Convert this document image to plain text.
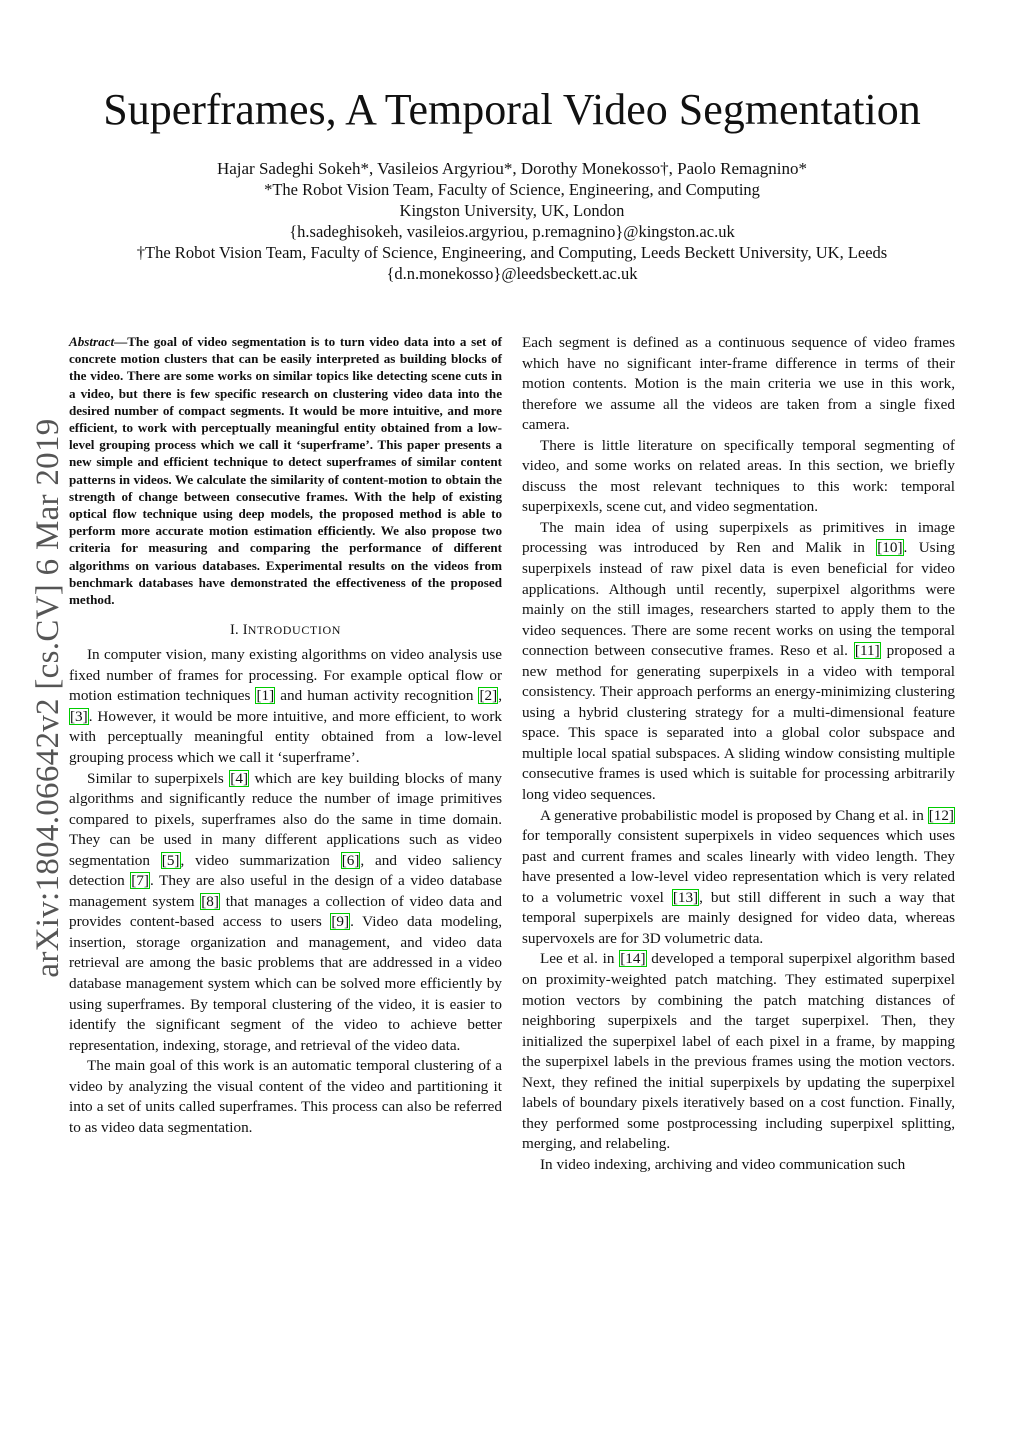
Superframes, A Temporal Video Segmentation
Hajar Sadeghi Sokeh*, Vasileios Argyriou*, Dorothy Monekosso†, Paolo Remagnino*
*The Robot Vision Team, Faculty of Science, Engineering, and Computing
Kingston University, UK, London
{h.sadeghisokeh, vasileios.argyriou, p.remagnino}@kingston.ac.uk
†The Robot Vision Team, Faculty of Science, Engineering, and Computing, Leeds Beckett University, UK, Leeds
{d.n.monekosso}@leedsbeckett.ac.uk
arXiv:1804.06642v2 [cs.CV] 6 Mar 2019

Abstract—The goal of video segmentation is to turn video data into a set of concrete motion clusters that can be easily interpreted as building blocks of the video. There are some works on similar topics like detecting scene cuts in a video, but there is few specific research on clustering video data into the desired number of compact segments. It would be more intuitive, and more efficient, to work with perceptually meaningful entity obtained from a low-level grouping process which we call it ‘superframe’. This paper presents a new simple and efficient technique to detect superframes of similar content patterns in videos. We calculate the similarity of content-motion to obtain the strength of change between consecutive frames. With the help of existing optical flow technique using deep models, the proposed method is able to perform more accurate motion estimation efficiently. We also propose two criteria for measuring and comparing the performance of different algorithms on various databases. Experimental results on the videos from benchmark databases have demonstrated the effectiveness of the proposed method.

I. INTRODUCTION

In computer vision, many existing algorithms on video analysis use fixed number of frames for processing. For example optical flow or motion estimation techniques [1] and human activity recognition [2], [3]. However, it would be more intuitive, and more efficient, to work with perceptually meaningful entity obtained from a low-level grouping process which we call it ‘superframe’.

Similar to superpixels [4] which are key building blocks of many algorithms and significantly reduce the number of image primitives compared to pixels, superframes also do the same in time domain. They can be used in many different applications such as video segmentation [5], video summarization [6], and video saliency detection [7]. They are also useful in the design of a video database management system [8] that manages a collection of video data and provides content-based access to users [9]. Video data modeling, insertion, storage organization and management, and video data retrieval are among the basic problems that are addressed in a video database management system which can be solved more efficiently by using superframes. By temporal clustering of the video, it is easier to identify the significant segment of the video to achieve better representation, indexing, storage, and retrieval of the video data.

The main goal of this work is an automatic temporal clustering of a video by analyzing the visual content of the video and partitioning it into a set of units called superframes. This process can also be referred to as video data segmentation.

Each segment is defined as a continuous sequence of video frames which have no significant inter-frame difference in terms of their motion contents. Motion is the main criteria we use in this work, therefore we assume all the videos are taken from a single fixed camera.

There is little literature on specifically temporal segmenting of video, and some works on related areas. In this section, we briefly discuss the most relevant techniques to this work: temporal superpixexls, scene cut, and video segmentation.

The main idea of using superpixels as primitives in image processing was introduced by Ren and Malik in [10]. Using superpixels instead of raw pixel data is even beneficial for video applications. Although until recently, superpixel algorithms were mainly on the still images, researchers started to apply them to the video sequences. There are some recent works on using the temporal connection between consecutive frames. Reso et al. [11] proposed a new method for generating superpixels in a video with temporal consistency. Their approach performs an energy-minimizing clustering using a hybrid clustering strategy for a multi-dimensional feature space. This space is separated into a global color subspace and multiple local spatial subspaces. A sliding window consisting multiple consecutive frames is used which is suitable for processing arbitrarily long video sequences.

A generative probabilistic model is proposed by Chang et al. in [12] for temporally consistent superpixels in video sequences which uses past and current frames and scales linearly with video length. They have presented a low-level video representation which is very related to a volumetric voxel [13], but still different in such a way that temporal superpixels are mainly designed for video data, whereas supervoxels are for 3D volumetric data.

Lee et al. in [14] developed a temporal superpixel algorithm based on proximity-weighted patch matching. They estimated superpixel motion vectors by combining the patch matching distances of neighboring superpixels and the target superpixel. Then, they initialized the superpixel label of each pixel in a frame, by mapping the superpixel labels in the previous frames using the motion vectors. Next, they refined the initial superpixels by updating the superpixel labels of boundary pixels iteratively based on a cost function. Finally, they performed some postprocessing including superpixel splitting, merging, and relabeling.

In video indexing, archiving and video communication such
